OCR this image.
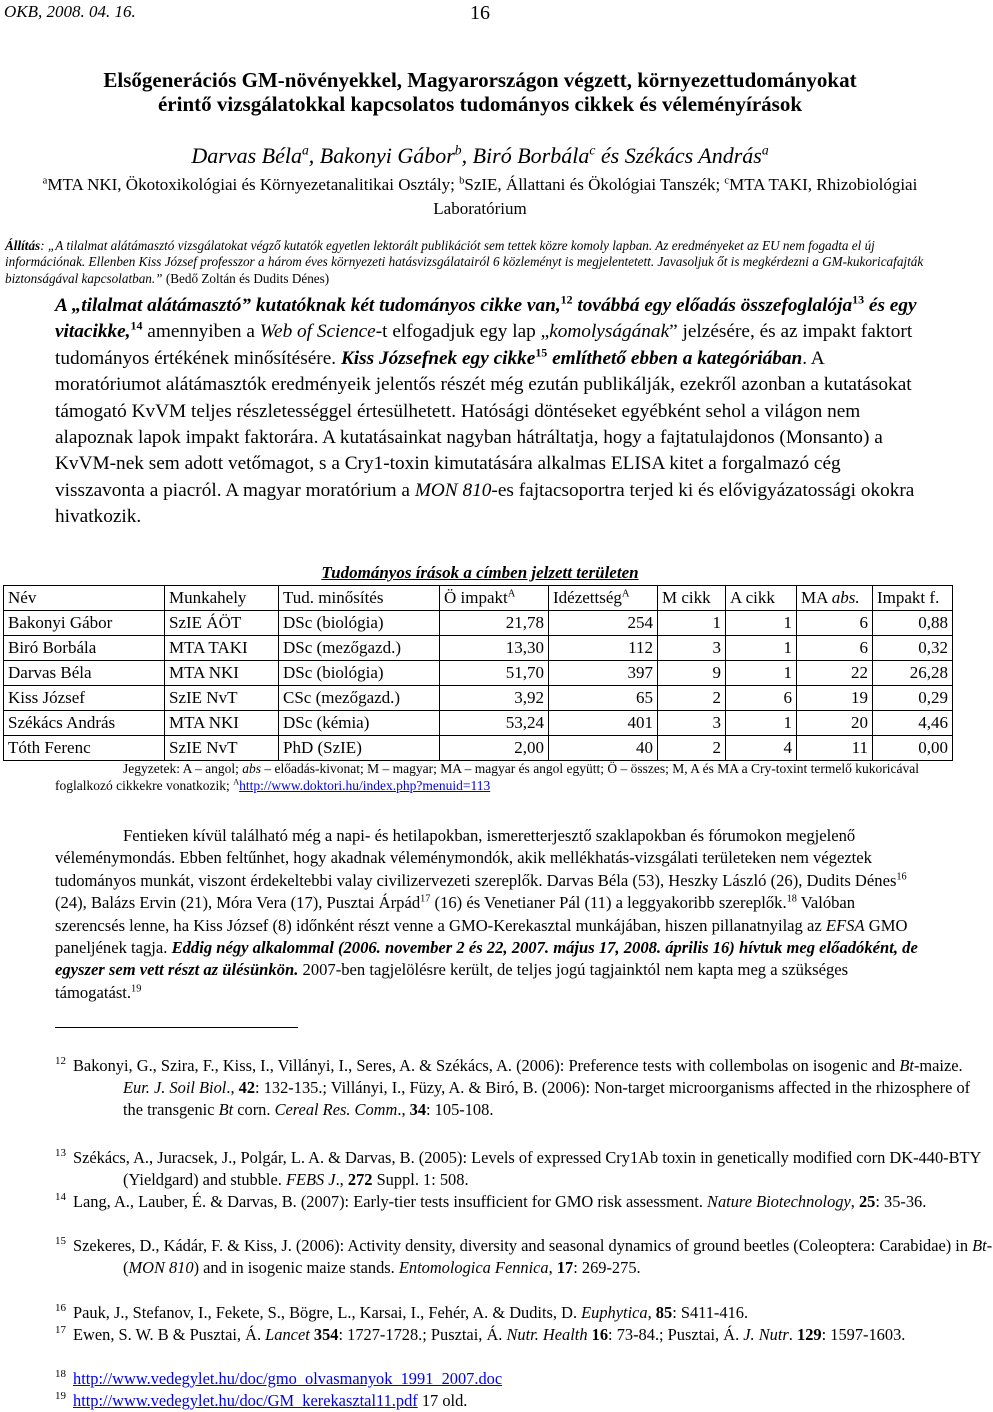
OKB, 2008. 04. 16.	16
Elsőgenerációs GM-növényekkel, Magyarországon végzett, környezettudományokat
érintő vizsgálatokkal kapcsolatos tudományos cikkek és véleményírások
Darvas Béla$^a$, Bakonyi Gábor$^b$, Biró Borbála$^c$ és Székács András$^a$
$^a$MTA NKI, Ökotoxikológiai és Környezetanalitikai Osztály; $^b$SzIE, Állattani és Ökológiai Tanszék; $^c$MTA TAKI, Rhizobiológiai Laboratórium
Állítás: „A tilalmat alátámasztó vizsgálatokat végző kutatók egyetlen lektorált publikációt sem tettek közre komoly lapban. Az eredményeket az EU nem fogadta el új információnak. Ellenben Kiss József professzor a három éves környezeti hatásvizsgálatairól 6 közleményt is megjelentetett. Javasoljuk őt is megkérdezni a GM-kukoricafajták biztonságával kapcsolatban.” (Bedő Zoltán és Dudits Dénes)
A „tilalmat alátámasztó” kutatóknak két tudományos cikke van,$^{12}$ továbbá egy előadás összefoglalója$^{13}$ és egy vitacikke,$^{14}$ amennyiben a Web of Science-t elfogadjuk egy lap „komolyságának” jelzésére, és az impakt faktort tudományos értékének minősítésére. Kiss Józsefnek egy cikke$^{15}$ említhető ebben a kategóriában. A moratóriumot alátámasztók eredményeik jelentős részét még ezután publikálják, ezekről azonban a kutatásokat támogató KvVM teljes részletességgel értesülhetett. Hatósági döntéseket egyébként sehol a világon nem alapoznak lapok impakt faktorára. A kutatásainkat nagyban hátráltatja, hogy a fajtatulajdonos (Monsanto) a KvVM-nek sem adott vetőmagot, s a Cry1-toxin kimutatására alkalmas ELISA kitet a forgalmazó cég visszavonta a piacról. A magyar moratórium a MON 810-es fajtacsoportra terjed ki és elővigyázatossági okokra hivatkozik.
Tudományos írások a címben jelzett területen
Név	Munkahely	Tud. minősítés	Ö impakt$^A$	Idézettség$^A$	M cikk	A cikk	MA abs.	Impakt f.
Bakonyi Gábor	SzIE ÁÖT	DSc (biológia)	21,78	254	1	1	6	0,88
Biró Borbála	MTA TAKI	DSc (mezőgazd.)	13,30	112	3	1	6	0,32
Darvas Béla	MTA NKI	DSc (biológia)	51,70	397	9	1	22	26,28
Kiss József	SzIE NvT	CSc (mezőgazd.)	3,92	65	2	6	19	0,29
Székács András	MTA NKI	DSc (kémia)	53,24	401	3	1	20	4,46
Tóth Ferenc	SzIE NvT	PhD (SzIE)	2,00	40	2	4	11	0,00
Jegyzetek: A – angol; abs – előadás-kivonat; M – magyar; MA – magyar és angol együtt; Ö – összes; M, A és MA a Cry-toxint termelő kukoricával foglalkozó cikkekre vonatkozik; $^A$http://www.doktori.hu/index.php?menuid=113
Fentieken kívül található még a napi- és hetilapokban, ismeretterjesztő szaklapokban és fórumokon megjelenő véleménymondás. Ebben feltűnhet, hogy akadnak véleménymondók, akik mellékhatás-vizsgálati területeken nem végeztek tudományos munkát, viszont érdekeltebbi valay civilizervezeti szereplők. Darvas Béla (53), Heszky László (26), Dudits Dénes$^{16}$ (24), Balázs Ervin (21), Móra Vera (17), Pusztai Árpád$^{17}$ (16) és Venetianer Pál (11) a leggyakoribb szereplők.$^{18}$ Valóban szerencsés lenne, ha Kiss József (8) időnként részt venne a GMO-Kerekasztal munkájában, hiszen pillanatnyilag az EFSA GMO paneljének tagja. Eddig négy alkalommal (2006. november 2 és 22, 2007. május 17, 2008. április 16) hívtuk meg előadóként, de egyszer sem vett részt az ülésünkön. 2007-ben tagjelölésre került, de teljes jogú tagjainktól nem kapta meg a szükséges támogatást.$^{19}$
12 Bakonyi, G., Szira, F., Kiss, I., Villányi, I., Seres, A. & Székács, A. (2006): Preference tests with collembolas on isogenic and Bt-maize. Eur. J. Soil Biol., 42: 132-135.; Villányi, I., Füzy, A. & Biró, B. (2006): Non-target microorganisms affected in the rhizosphere of the transgenic Bt corn. Cereal Res. Comm., 34: 105-108.
13 Székács, A., Juracsek, J., Polgár, L. A. & Darvas, B. (2005): Levels of expressed Cry1Ab toxin in genetically modified corn DK-440-BTY (Yieldgard) and stubble. FEBS J., 272 Suppl. 1: 508.
14 Lang, A., Lauber, É. & Darvas, B. (2007): Early-tier tests insufficient for GMO risk assessment. Nature Biotechnology, 25: 35-36.
15 Szekeres, D., Kádár, F. & Kiss, J. (2006): Activity density, diversity and seasonal dynamics of ground beetles (Coleoptera: Carabidae) in Bt- (MON 810) and in isogenic maize stands. Entomologica Fennica, 17: 269-275.
16 Pauk, J., Stefanov, I., Fekete, S., Bögre, L., Karsai, I., Fehér, A. & Dudits, D. Euphytica, 85: S411-416.
17 Ewen, S. W. B & Pusztai, Á. Lancet 354: 1727-1728.; Pusztai, Á. Nutr. Health 16: 73-84.; Pusztai, Á. J. Nutr. 129: 1597-1603.
18 http://www.vedegylet.hu/doc/gmo_olvasmanyok_1991_2007.doc
19 http://www.vedegylet.hu/doc/GM_kerekasztal11.pdf 17 old.
